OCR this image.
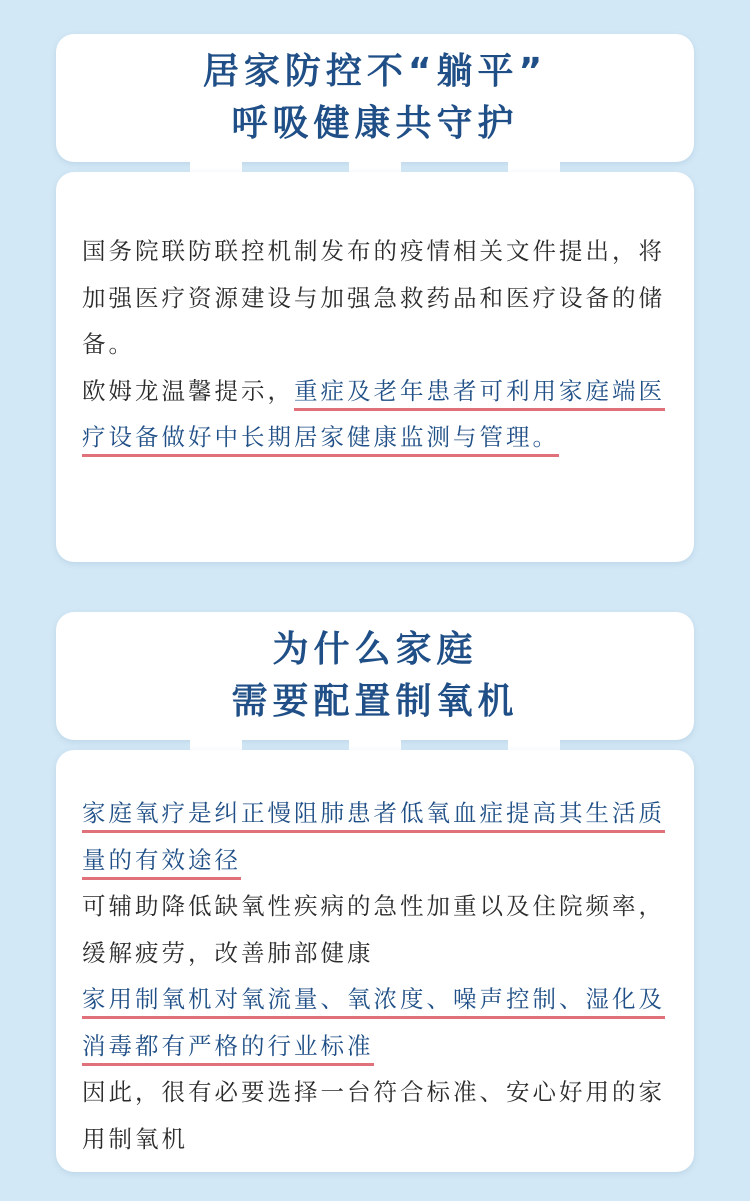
居家防控不“躺平”
呼吸健康共守护

国务院联防联控机制发布的疫情相关文件提出，将加强医疗资源建设与加强急救药品和医疗设备的储备。

欧姆龙温馨提示，重症及老年患者可利用家庭端医疗设备做好中长期居家健康监测与管理。

为什么家庭
需要配置制氧机

家庭氧疗是纠正慢阻肺患者低氧血症提高其生活质量的有效途径

可辅助降低缺氧性疾病的急性加重以及住院频率，缓解疲劳，改善肺部健康

家用制氧机对氧流量、氧浓度、噪声控制、湿化及消毒都有严格的行业标准

因此，很有必要选择一台符合标准、安心好用的家用制氧机
